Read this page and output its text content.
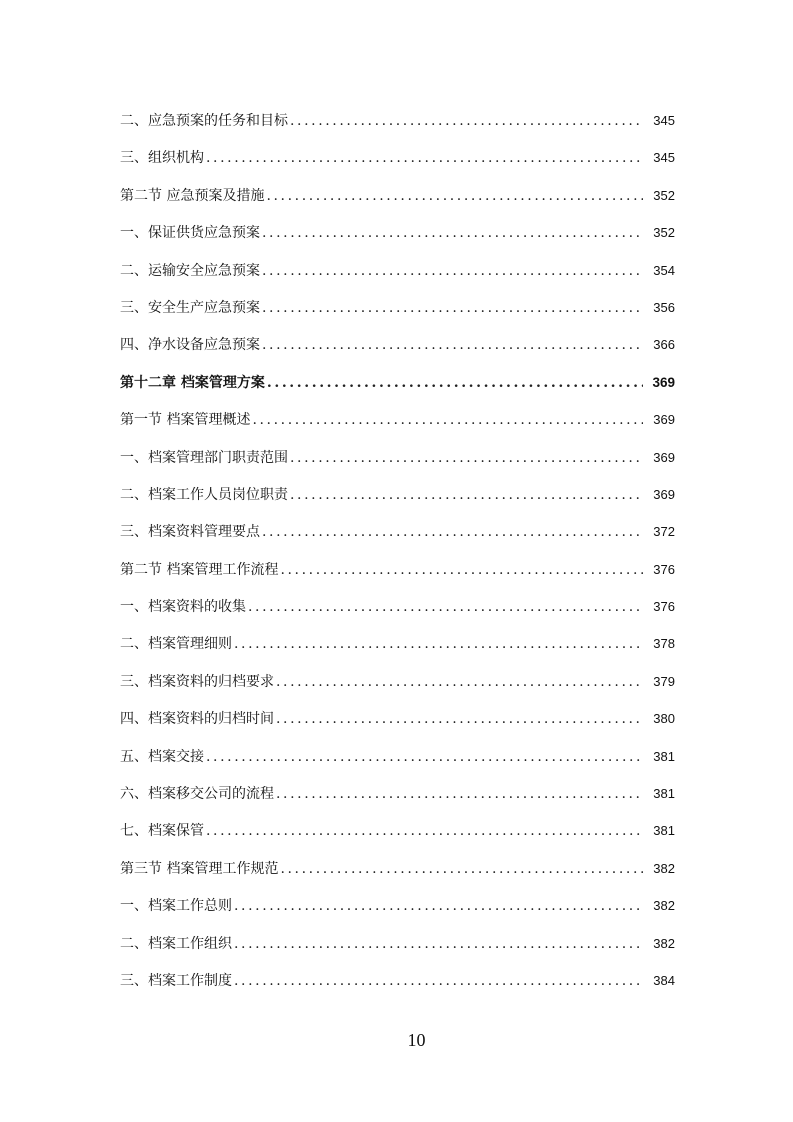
二、应急预案的任务和目标 .....	345
三、组织机构 .....	345
第二节 应急预案及措施 .....	352
一、保证供货应急预案 .....	352
二、运输安全应急预案 .....	354
三、安全生产应急预案 .....	356
四、净水设备应急预案 .....	366
第十二章 档案管理方案 .....	369
第一节 档案管理概述 .....	369
一、档案管理部门职责范围 .....	369
二、档案工作人员岗位职责 .....	369
三、档案资料管理要点 .....	372
第二节 档案管理工作流程 .....	376
一、档案资料的收集 .....	376
二、档案管理细则 .....	378
三、档案资料的归档要求 .....	379
四、档案资料的归档时间 .....	380
五、档案交接 .....	381
六、档案移交公司的流程 .....	381
七、档案保管 .....	381
第三节 档案管理工作规范 .....	382
一、档案工作总则 .....	382
二、档案工作组织 .....	382
三、档案工作制度 .....	384
10
